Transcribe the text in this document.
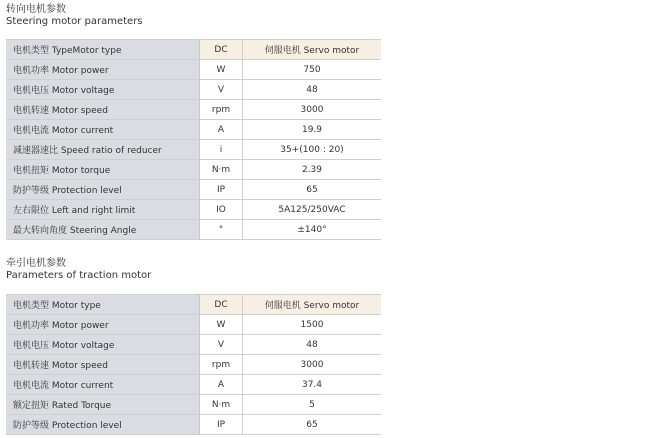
转向电机参数
Steering motor parameters
电机类型 TypeMotor type	DC	伺服电机 Servo motor
电机功率 Motor power	W	750
电机电压 Motor voltage	V	48
电机转速 Motor speed	rpm	3000
电机电流 Motor current	A	19.9
减速器速比 Speed ratio of reducer	i	35+(100 : 20)
电机扭矩 Motor torque	N·m	2.39
防护等级 Protection level	IP	65
左右限位 Left and right limit	IO	5A125/250VAC
最大转向角度 Steering Angle	°	±140°
牵引电机参数
Parameters of traction motor
电机类型 Motor type	DC	伺服电机 Servo motor
电机功率 Motor power	W	1500
电机电压 Motor voltage	V	48
电机转速 Motor speed	rpm	3000
电机电流 Motor current	A	37.4
额定扭矩 Rated Torque	N·m	5
防护等级 Protection level	IP	65
